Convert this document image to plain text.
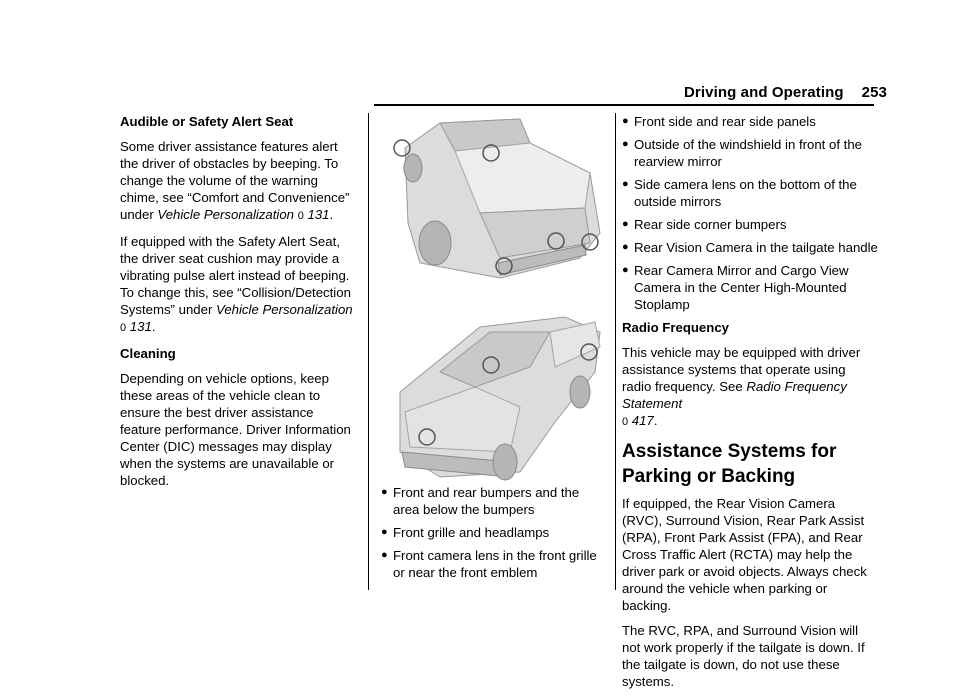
Driving and Operating 253

Audible or Safety Alert Seat

Some driver assistance features alert the driver of obstacles by beeping. To change the volume of the warning chime, see “Comfort and Convenience” under Vehicle Personalization 0 131.

If equipped with the Safety Alert Seat, the driver seat cushion may provide a vibrating pulse alert instead of beeping. To change this, see “Collision/Detection Systems” under Vehicle Personalization 0 131.

Cleaning

Depending on vehicle options, keep these areas of the vehicle clean to ensure the best driver assistance feature performance. Driver Information Center (DIC) messages may display when the systems are unavailable or blocked.

● Front and rear bumpers and the area below the bumpers
● Front grille and headlamps
● Front camera lens in the front grille or near the front emblem
● Front side and rear side panels
● Outside of the windshield in front of the rearview mirror
● Side camera lens on the bottom of the outside mirrors
● Rear side corner bumpers
● Rear Vision Camera in the tailgate handle
● Rear Camera Mirror and Cargo View Camera in the Center High-Mounted Stoplamp

Radio Frequency

This vehicle may be equipped with driver assistance systems that operate using radio frequency. See Radio Frequency Statement
0 417.

Assistance Systems for Parking or Backing

If equipped, the Rear Vision Camera (RVC), Surround Vision, Rear Park Assist (RPA), Front Park Assist (FPA), and Rear Cross Traffic Alert (RCTA) may help the driver park or avoid objects. Always check around the vehicle when parking or backing.

The RVC, RPA, and Surround Vision will not work properly if the tailgate is down. If the tailgate is down, do not use these systems.
